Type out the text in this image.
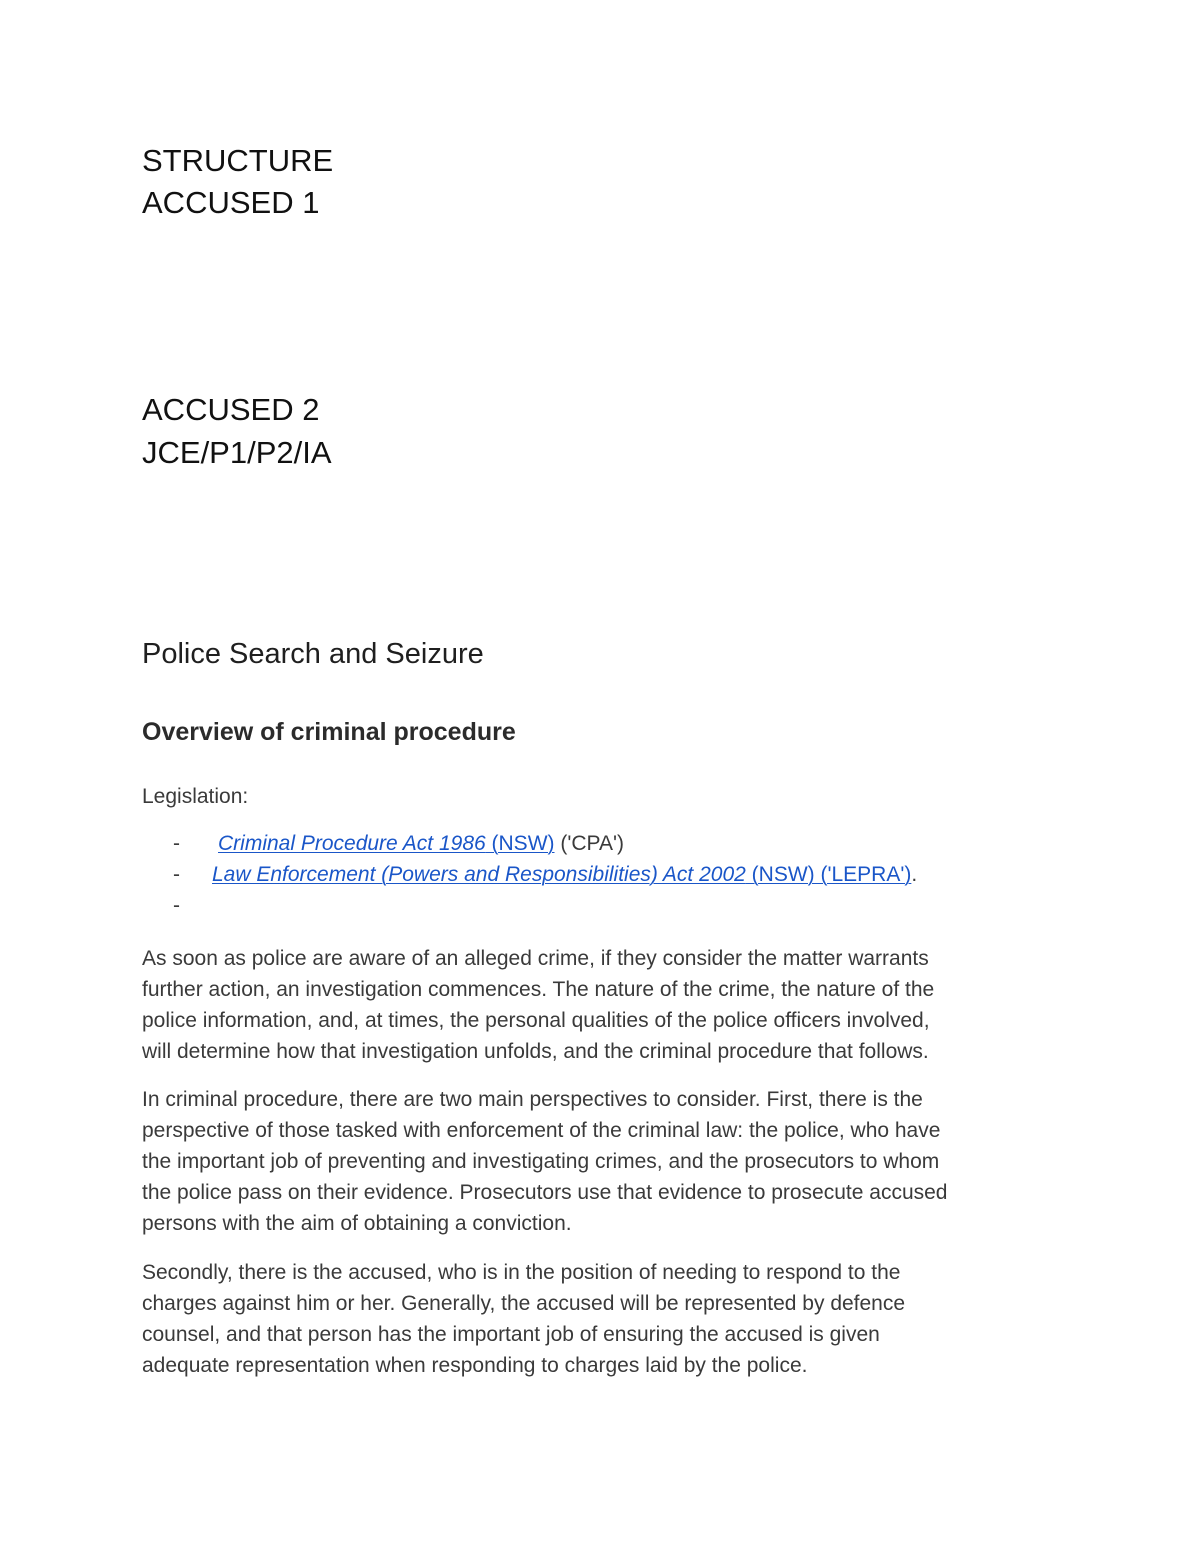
STRUCTURE
ACCUSED 1
ACCUSED 2
JCE/P1/P2/IA
Police Search and Seizure
Overview of criminal procedure
Legislation:
- Criminal Procedure Act 1986 (NSW) ('CPA')
- Law Enforcement (Powers and Responsibilities) Act 2002 (NSW) ('LEPRA').
-

As soon as police are aware of an alleged crime, if they consider the matter warrants
further action, an investigation commences. The nature of the crime, the nature of the
police information, and, at times, the personal qualities of the police officers involved,
will determine how that investigation unfolds, and the criminal procedure that follows.

In criminal procedure, there are two main perspectives to consider. First, there is the
perspective of those tasked with enforcement of the criminal law: the police, who have
the important job of preventing and investigating crimes, and the prosecutors to whom
the police pass on their evidence. Prosecutors use that evidence to prosecute accused
persons with the aim of obtaining a conviction.

Secondly, there is the accused, who is in the position of needing to respond to the
charges against him or her. Generally, the accused will be represented by defence
counsel, and that person has the important job of ensuring the accused is given
adequate representation when responding to charges laid by the police.
